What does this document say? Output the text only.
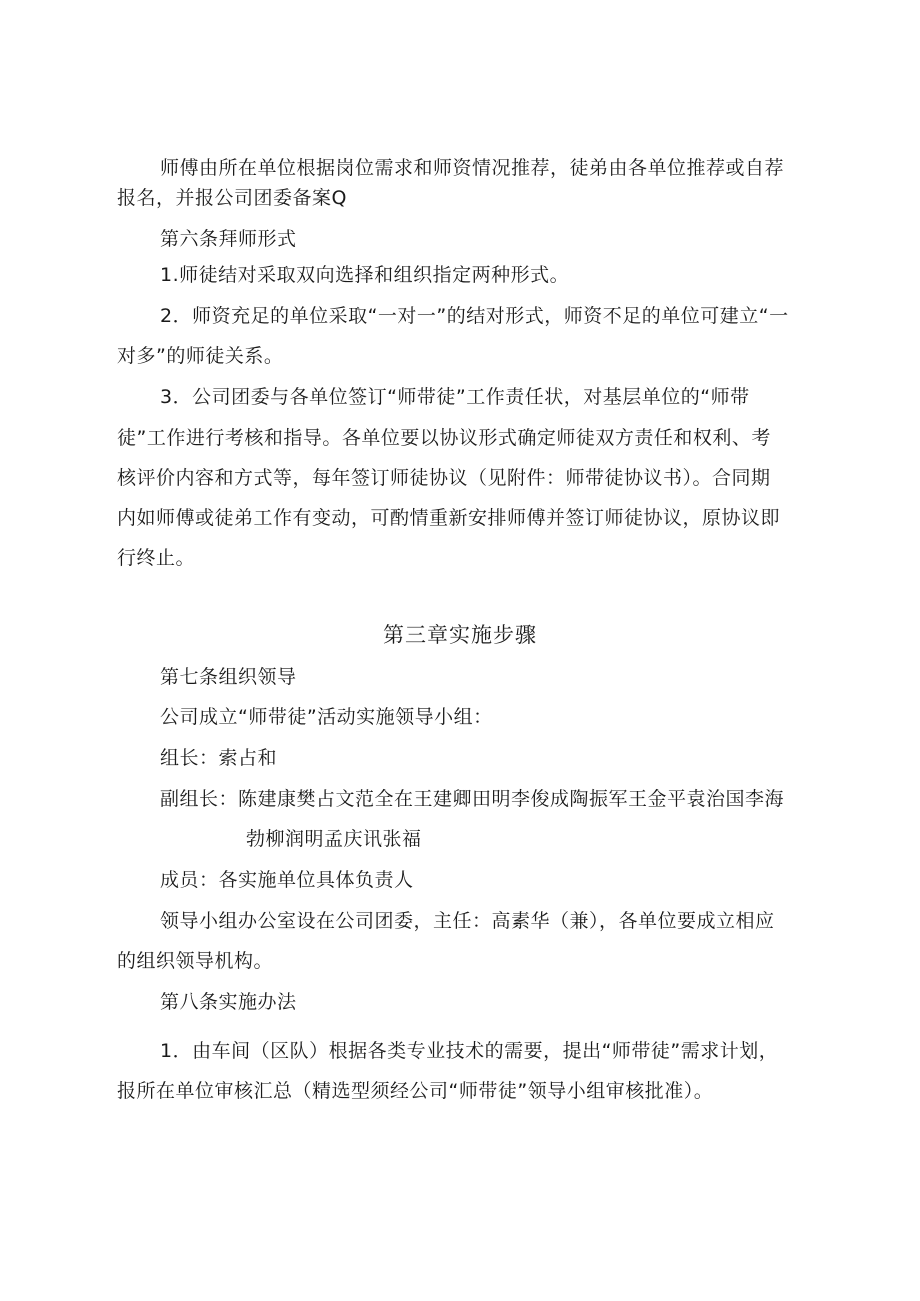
师傅由所在单位根据岗位需求和师资情况推荐，徒弟由各单位推荐或自荐
报名，并报公司团委备案Q
第六条拜师形式
1.师徒结对采取双向选择和组织指定两种形式。
2．师资充足的单位采取“一对一”的结对形式，师资不足的单位可建立“一
对多”的师徒关系。
3．公司团委与各单位签订“师带徒”工作责任状，对基层单位的“师带
徒”工作进行考核和指导。各单位要以协议形式确定师徒双方责任和权利、考
核评价内容和方式等，每年签订师徒协议（见附件：师带徒协议书）。合同期
内如师傅或徒弟工作有变动，可酌情重新安排师傅并签订师徒协议，原协议即
行终止。
第三章实施步骤
第七条组织领导
公司成立“师带徒”活动实施领导小组：
组长：索占和
副组长：陈建康樊占文范全在王建卿田明李俊成陶振军王金平袁治国李海
勃柳润明孟庆讯张福
成员：各实施单位具体负责人
领导小组办公室设在公司团委，主任：高素华（兼），各单位要成立相应
的组织领导机构。
第八条实施办法
1．由车间（区队）根据各类专业技术的需要，提出“师带徒”需求计划，
报所在单位审核汇总（精选型须经公司“师带徒”领导小组审核批准）。
